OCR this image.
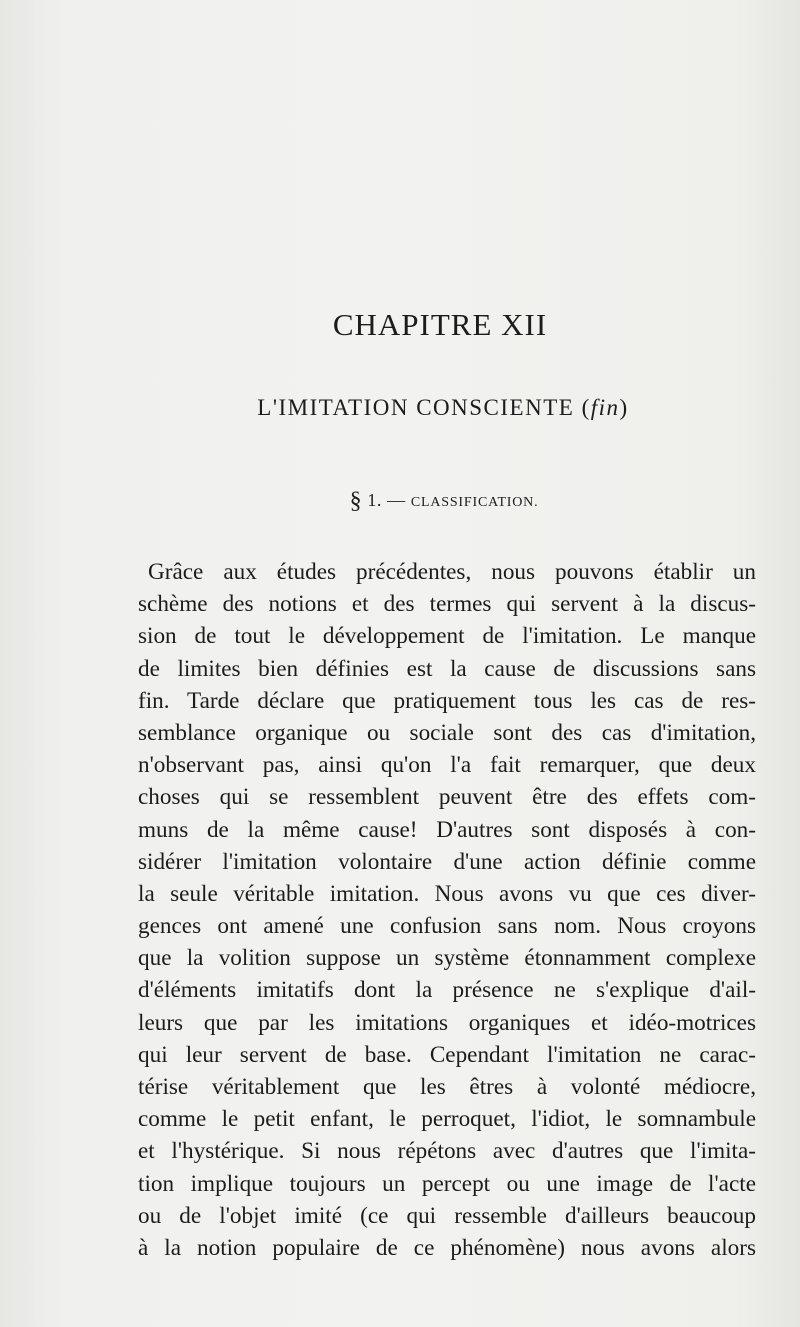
CHAPITRE XII
L'IMITATION CONSCIENTE (fin)
§ 1. — CLASSIFICATION.
Grâce aux études précédentes, nous pouvons établir un
schème des notions et des termes qui servent à la discus-
sion de tout le développement de l'imitation. Le manque
de limites bien définies est la cause de discussions sans
fin. Tarde déclare que pratiquement tous les cas de res-
semblance organique ou sociale sont des cas d'imitation,
n'observant pas, ainsi qu'on l'a fait remarquer, que deux
choses qui se ressemblent peuvent être des effets com-
muns de la même cause! D'autres sont disposés à con-
sidérer l'imitation volontaire d'une action définie comme
la seule véritable imitation. Nous avons vu que ces diver-
gences ont amené une confusion sans nom. Nous croyons
que la volition suppose un système étonnamment complexe
d'éléments imitatifs dont la présence ne s'explique d'ail-
leurs que par les imitations organiques et idéo-motrices
qui leur servent de base. Cependant l'imitation ne carac-
térise véritablement que les êtres à volonté médiocre,
comme le petit enfant, le perroquet, l'idiot, le somnambule
et l'hystérique. Si nous répétons avec d'autres que l'imita-
tion implique toujours un percept ou une image de l'acte
ou de l'objet imité (ce qui ressemble d'ailleurs beaucoup
à la notion populaire de ce phénomène) nous avons alors
